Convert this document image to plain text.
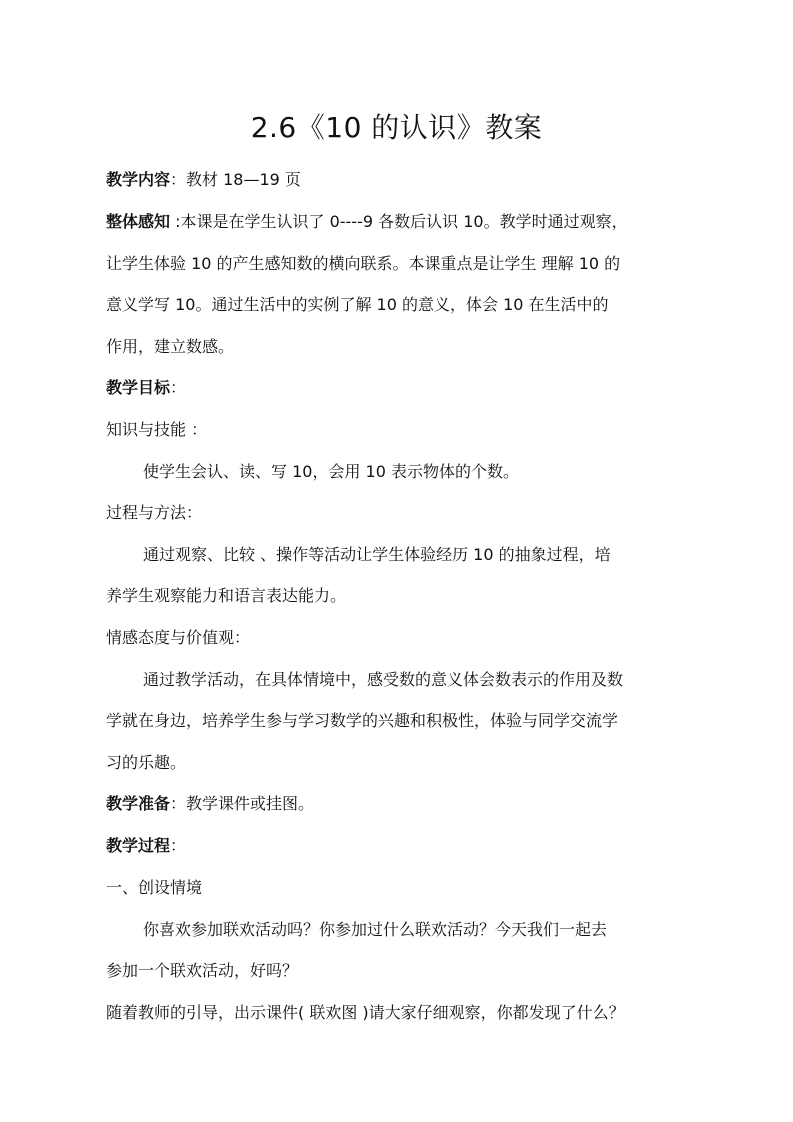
2.6《10 的认识》教案
教学内容：教材 18—19 页
整体感知 :本课是在学生认识了 0----9 各数后认识 10。教学时通过观察，
让学生体验 10 的产生感知数的横向联系。本课重点是让学生 理解 10 的
意义学写 10。通过生活中的实例了解 10 的意义，体会 10 在生活中的
作用，建立数感。
教学目标：
知识与技能 ：
使学生会认、读、写 10，会用 10 表示物体的个数。
过程与方法：
通过观察、比较 、操作等活动让学生体验经历 10 的抽象过程，培
养学生观察能力和语言表达能力。
情感态度与价值观：
通过教学活动，在具体情境中，感受数的意义体会数表示的作用及数
学就在身边，培养学生参与学习数学的兴趣和积极性，体验与同学交流学
习的乐趣。
教学准备：教学课件或挂图。
教学过程：
一、创设情境
你喜欢参加联欢活动吗？你参加过什么联欢活动？今天我们一起去
参加一个联欢活动，好吗？
随着教师的引导，出示课件( 联欢图 )请大家仔细观察，你都发现了什么？
